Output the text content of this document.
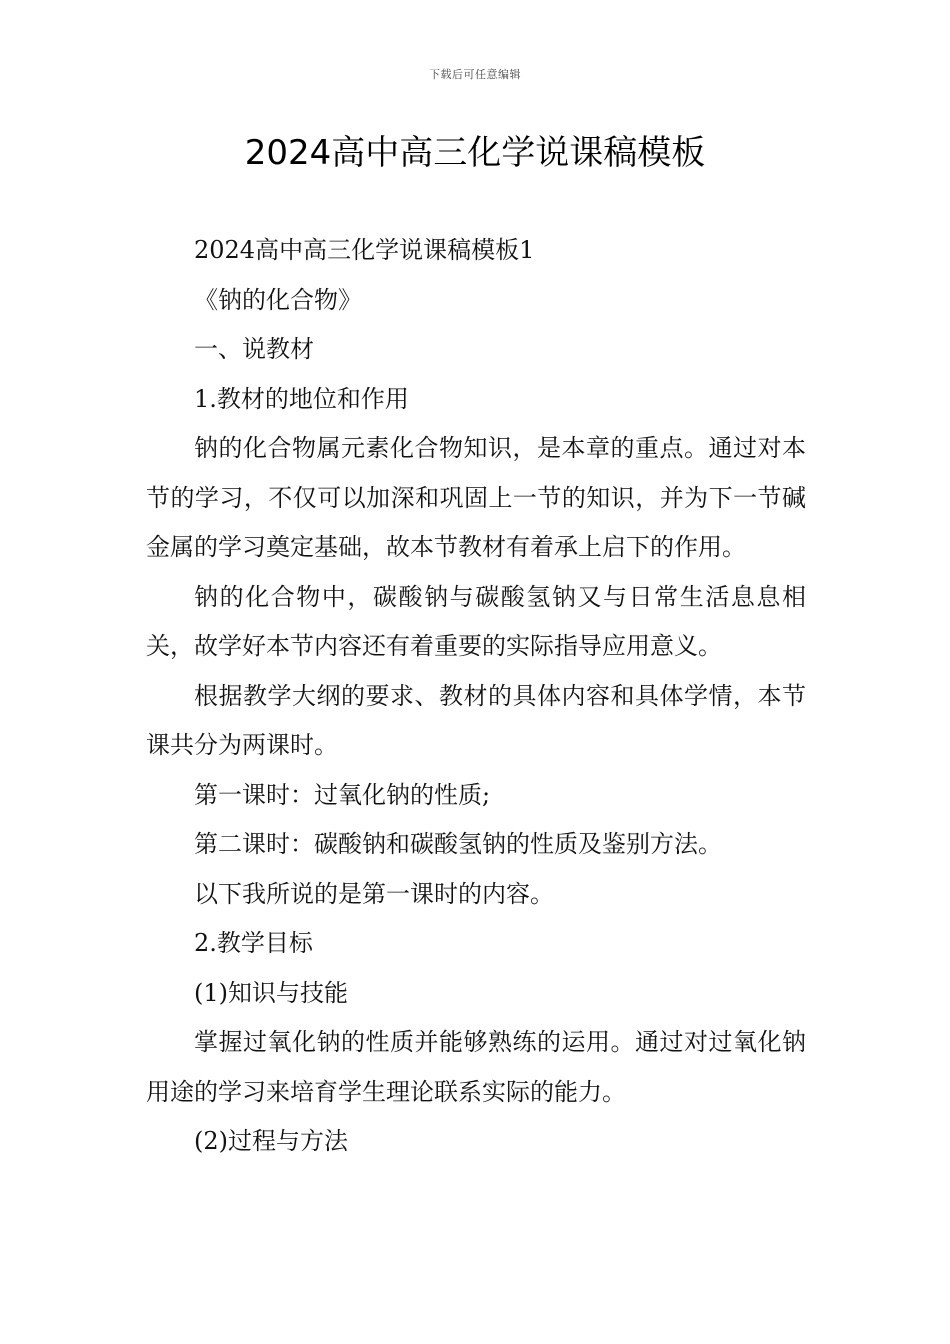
下载后可任意编辑
2024高中高三化学说课稿模板

2024高中高三化学说课稿模板1

《钠的化合物》

一、说教材

1.教材的地位和作用

钠的化合物属元素化合物知识，是本章的重点。通过对本节的学习，不仅可以加深和巩固上一节的知识，并为下一节碱金属的学习奠定基础，故本节教材有着承上启下的作用。

钠的化合物中，碳酸钠与碳酸氢钠又与日常生活息息相关，故学好本节内容还有着重要的实际指导应用意义。

根据教学大纲的要求、教材的具体内容和具体学情，本节课共分为两课时。

第一课时：过氧化钠的性质;

第二课时：碳酸钠和碳酸氢钠的性质及鉴别方法。

以下我所说的是第一课时的内容。

2.教学目标

(1)知识与技能

掌握过氧化钠的性质并能够熟练的运用。通过对过氧化钠用途的学习来培育学生理论联系实际的能力。

(2)过程与方法
